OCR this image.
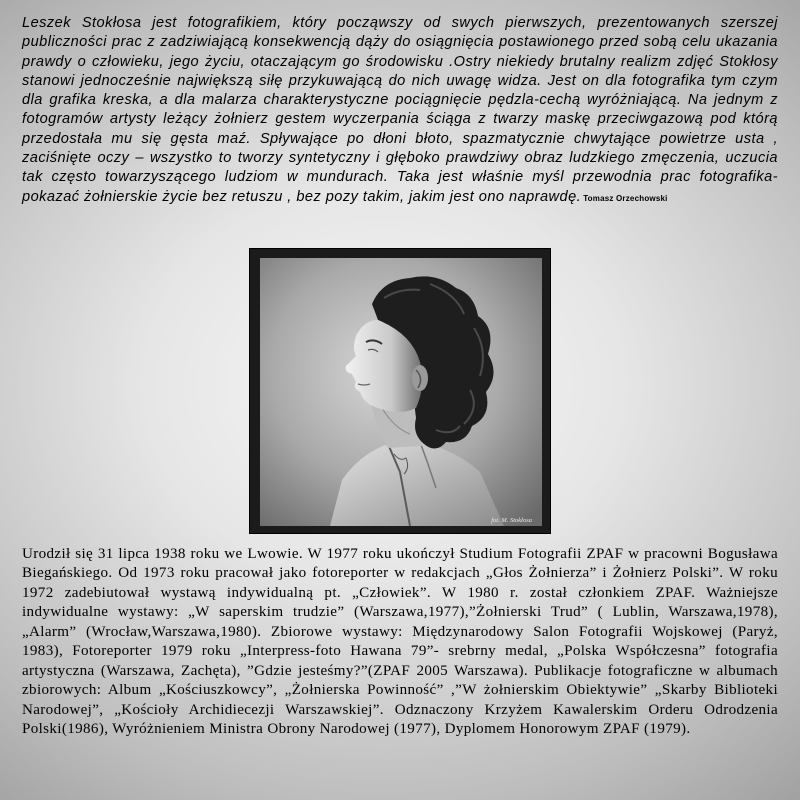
Leszek Stokłosa jest fotografikiem, który począwszy od swych pierwszych, prezentowanych szerszej publiczności prac z zadziwiającą konsekwencją dąży do osiągnięcia postawionego przed sobą celu ukazania prawdy o człowieku, jego życiu, otaczającym go środowisku .Ostry niekiedy brutalny realizm zdjęć Stokłosy stanowi jednocześnie największą siłę przykuwającą do nich uwagę widza. Jest on dla fotografika tym czym dla grafika kreska, a dla malarza charakterystyczne pociągnięcie pędzla-cechą wyróżniającą. Na jednym z fotogramów artysty leżący żołnierz gestem wyczerpania ściąga z twarzy maskę przeciwgazową pod którą przedostała mu się gęsta maź. Spływające po dłoni błoto, spazmatycznie chwytające powietrze usta , zaciśnięte oczy – wszystko to tworzy syntetyczny i głęboko prawdziwy obraz ludzkiego zmęczenia, uczucia tak często towarzyszącego ludziom w mundurach. Taka jest właśnie myśl przewodnia prac fotografika- pokazać żołnierskie życie bez retuszu , bez pozy takim, jakim jest ono naprawdę. Tomasz Orzechowski

fot. M. Stokłosa

Urodził się 31 lipca 1938 roku we Lwowie. W 1977 roku ukończył Studium Fotografii ZPAF w pracowni Bogusława Biegańskiego. Od 1973 roku pracował jako fotoreporter w redakcjach „Głos Żołnierza” i Żołnierz Polski”. W roku 1972 zadebiutował wystawą indywidualną pt. „Człowiek”. W 1980 r. został członkiem ZPAF. Ważniejsze indywidualne wystawy: „W saperskim trudzie” (Warszawa,1977),”Żołnierski Trud” ( Lublin, Warszawa,1978), „Alarm” (Wrocław,Warszawa,1980). Zbiorowe wystawy: Międzynarodowy Salon Fotografii Wojskowej (Paryż, 1983), Fotoreporter 1979 roku „Interpress-foto Hawana 79”- srebrny medal, „Polska Współczesna” fotografia artystyczna (Warszawa, Zachęta), ”Gdzie jesteśmy?”(ZPAF 2005 Warszawa). Publikacje fotograficzne w albumach zbiorowych: Album „Kościuszkowcy”, „Żołnierska Powinność” ,”W żołnierskim Obiektywie” „Skarby Biblioteki Narodowej”, „Kościoły Archidiecezji Warszawskiej”. Odznaczony Krzyżem Kawalerskim Orderu Odrodzenia Polski(1986), Wyróżnieniem Ministra Obrony Narodowej (1977), Dyplomem Honorowym ZPAF (1979).
